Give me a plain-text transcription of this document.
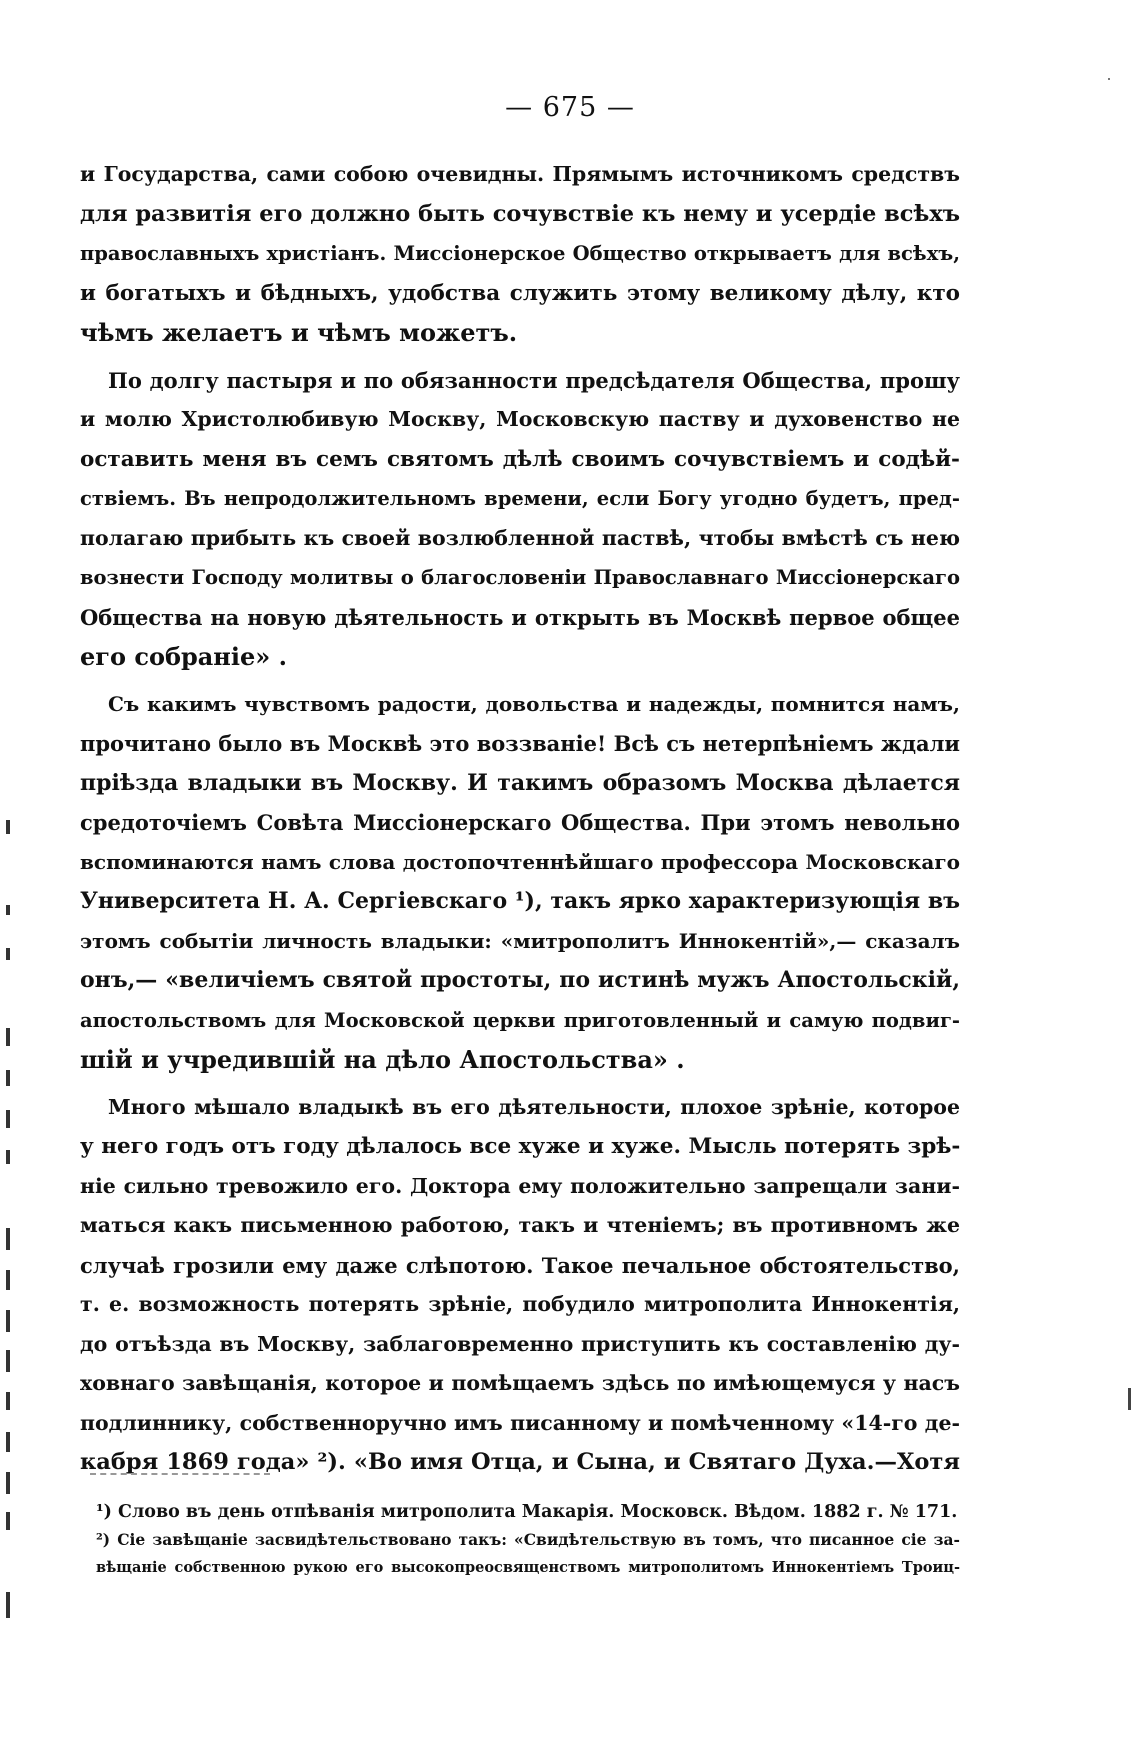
— 675 —
и Государства, сами собою очевидны. Прямымъ источникомъ средствъ
для развитія его должно быть сочувствіе къ нему и усердіе всѣхъ
православныхъ христіанъ. Миссіонерское Общество открываетъ для всѣхъ,
и богатыхъ и бѣдныхъ, удобства служить этому великому дѣлу, кто
чѣмъ желаетъ и чѣмъ можетъ.
По долгу пастыря и по обязанности предсѣдателя Общества, прошу
и молю Христолюбивую Москву, Московскую паству и духовенство не
оставить меня въ семъ святомъ дѣлѣ своимъ сочувствіемъ и содѣй-
ствіемъ. Въ непродолжительномъ времени, если Богу угодно будетъ, пред-
полагаю прибыть къ своей возлюбленной паствѣ, чтобы вмѣстѣ съ нею
вознести Господу молитвы о благословеніи Православнаго Миссіонерскаго
Общества на новую дѣятельность и открыть въ Москвѣ первое общее
его собраніе» .
Съ какимъ чувствомъ радости, довольства и надежды, помнится намъ,
прочитано было въ Москвѣ это воззваніе! Всѣ съ нетерпѣніемъ ждали
пріѣзда владыки въ Москву. И такимъ образомъ Москва дѣлается
средоточіемъ Совѣта Миссіонерскаго Общества. При этомъ невольно
вспоминаются намъ слова достопочтеннѣйшаго профессора Московскаго
Университета Н. А. Сергіевскаго ¹), такъ ярко характеризующія въ
этомъ событіи личность владыки: «митрополитъ Иннокентій»,— сказалъ
онъ,— «величіемъ святой простоты, по истинѣ мужъ Апостольскій,
апостольствомъ для Московской церкви приготовленный и самую подвиг-
шій и учредившій на дѣло Апостольства» .
Много мѣшало владыкѣ въ его дѣятельности, плохое зрѣніе, которое
у него годъ отъ году дѣлалось все хуже и хуже. Мысль потерять зрѣ-
ніе сильно тревожило его. Доктора ему положительно запрещали зани-
маться какъ письменною работою, такъ и чтеніемъ; въ противномъ же
случаѣ грозили ему даже слѣпотою. Такое печальное обстоятельство,
т. е. возможность потерять зрѣніе, побудило митрополита Иннокентія,
до отъѣзда въ Москву, заблаговременно приступить къ составленію ду-
ховнаго завѣщанія, которое и помѣщаемъ здѣсь по имѣющемуся у насъ
подлиннику, собственноручно имъ писанному и помѣченному «14-го де-
кабря 1869 года» ²). «Во имя Отца, и Сына, и Святаго Духа.—Хотя
¹) Слово въ день отпѣванія митрополита Макарія. Московск. Вѣдом. 1882 г. № 171.
²) Сіе завѣщаніе засвидѣтельствовано такъ: «Свидѣтельствую въ томъ, что писанное сіе за-
вѣщаніе собственною рукою его высокопреосвященствомъ митрополитомъ Иннокентіемъ Троиц-
